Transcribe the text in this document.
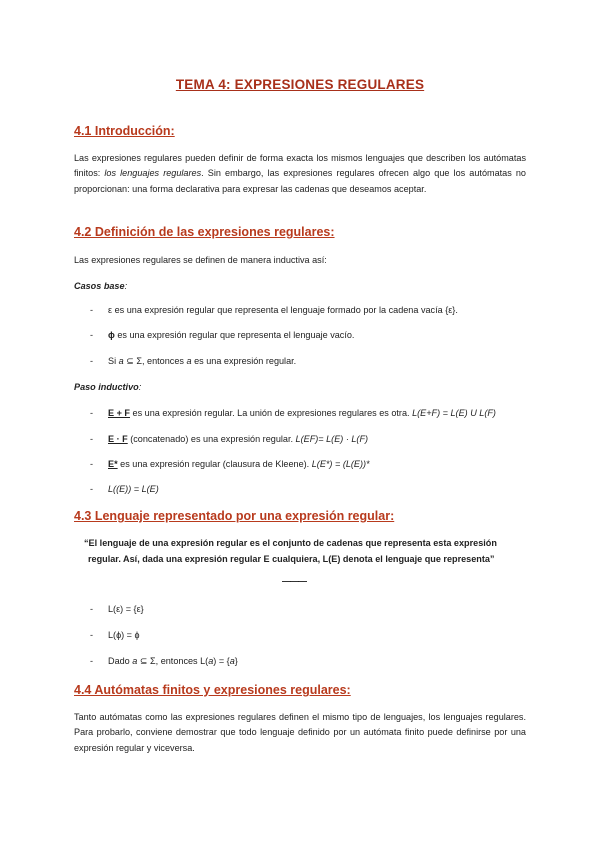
TEMA 4: EXPRESIONES REGULARES
4.1 Introducción:
Las expresiones regulares pueden definir de forma exacta los mismos lenguajes que describen los autómatas finitos: los lenguajes regulares. Sin embargo, las expresiones regulares ofrecen algo que los autómatas no proporcionan: una forma declarativa para expresar las cadenas que deseamos aceptar.
4.2 Definición de las expresiones regulares:
Las expresiones regulares se definen de manera inductiva así:
Casos base:
- ε es una expresión regular que representa el lenguaje formado por la cadena vacía {ε}.
- ɸ es una expresión regular que representa el lenguaje vacío.
- Si a ⊆ Σ, entonces a es una expresión regular.
Paso inductivo:
- E + F es una expresión regular. La unión de expresiones regulares es otra. L(E+F) = L(E) U L(F)
- E · F (concatenado) es una expresión regular. L(EF)= L(E) · L(F)
- E* es una expresión regular (clausura de Kleene). L(E*) = (L(E))*
- L((E)) = L(E)
4.3 Lenguaje representado por una expresión regular:
“El lenguaje de una expresión regular es el conjunto de cadenas que representa esta expresión
regular. Así, dada una expresión regular E cualquiera, L(E) denota el lenguaje que representa”
———
- L(ε) = {ε}
- L(ɸ) = ɸ
- Dado a ⊆ Σ, entonces L(a) = {a}
4.4 Autómatas finitos y expresiones regulares:
Tanto autómatas como las expresiones regulares definen el mismo tipo de lenguajes, los lenguajes regulares. Para probarlo, conviene demostrar que todo lenguaje definido por un autómata finito puede definirse por una expresión regular y viceversa.
